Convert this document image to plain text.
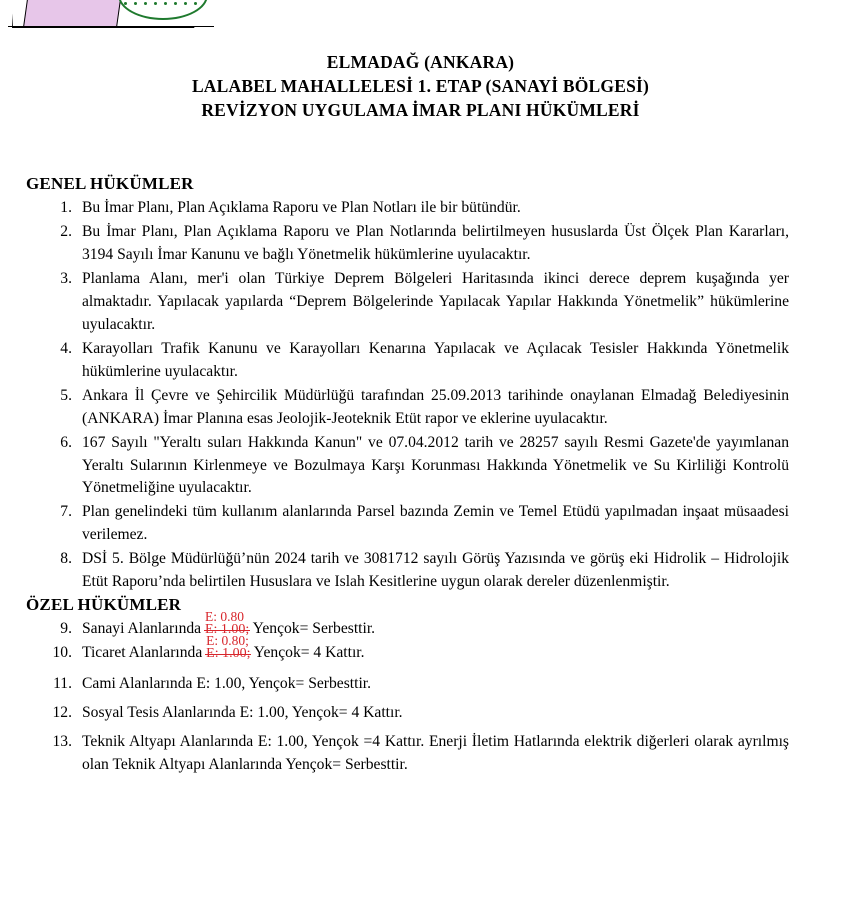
ELMADAĞ (ANKARA)
LALABEL MAHALLELESİ 1. ETAP (SANAYİ BÖLGESİ)
REVİZYON UYGULAMA İMAR PLANI HÜKÜMLERİ
GENEL HÜKÜMLER
1. Bu İmar Planı, Plan Açıklama Raporu ve Plan Notları ile bir bütündür.
2. Bu İmar Planı, Plan Açıklama Raporu ve Plan Notlarında belirtilmeyen hususlarda Üst Ölçek Plan Kararları, 3194 Sayılı İmar Kanunu ve bağlı Yönetmelik hükümlerine uyulacaktır.
3. Planlama Alanı, mer'i olan Türkiye Deprem Bölgeleri Haritasında ikinci derece deprem kuşağında yer almaktadır. Yapılacak yapılarda “Deprem Bölgelerinde Yapılacak Yapılar Hakkında Yönetmelik” hükümlerine uyulacaktır.
4. Karayolları Trafik Kanunu ve Karayolları Kenarına Yapılacak ve Açılacak Tesisler Hakkında Yönetmelik hükümlerine uyulacaktır.
5. Ankara İl Çevre ve Şehircilik Müdürlüğü tarafından 25.09.2013 tarihinde onaylanan Elmadağ Belediyesinin (ANKARA) İmar Planına esas Jeolojik-Jeoteknik Etüt rapor ve eklerine uyulacaktır.
6. 167 Sayılı "Yeraltı suları Hakkında Kanun" ve 07.04.2012 tarih ve 28257 sayılı Resmi Gazete'de yayımlanan Yeraltı Sularının Kirlenmeye ve Bozulmaya Karşı Korunması Hakkında Yönetmelik ve Su Kirliliği Kontrolü Yönetmeliğine uyulacaktır.
7. Plan genelindeki tüm kullanım alanlarında Parsel bazında Zemin ve Temel Etüdü yapılmadan inşaat müsaadesi verilemez.
8. DSİ 5. Bölge Müdürlüğü’nün 2024 tarih ve 3081712 sayılı Görüş Yazısında ve görüş eki Hidrolik – Hidrolojik Etüt Raporu’nda belirtilen Hususlara ve Islah Kesitlerine uygun olarak dereler düzenlenmiştir.
ÖZEL HÜKÜMLER
9. Sanayi Alanlarında
E: 0.80
E: 1.00; Yençok= Serbesttir.
10. Ticaret Alanlarında
E: 0.80;
E: 1.00; Yençok= 4 Kattır.
11. Cami Alanlarında E: 1.00, Yençok= Serbesttir.
12. Sosyal Tesis Alanlarında E: 1.00, Yençok= 4 Kattır.
13. Teknik Altyapı Alanlarında E: 1.00, Yençok =4 Kattır. Enerji İletim Hatlarında elektrik diğerleri olarak ayrılmış olan Teknik Altyapı Alanlarında Yençok= Serbesttir.
